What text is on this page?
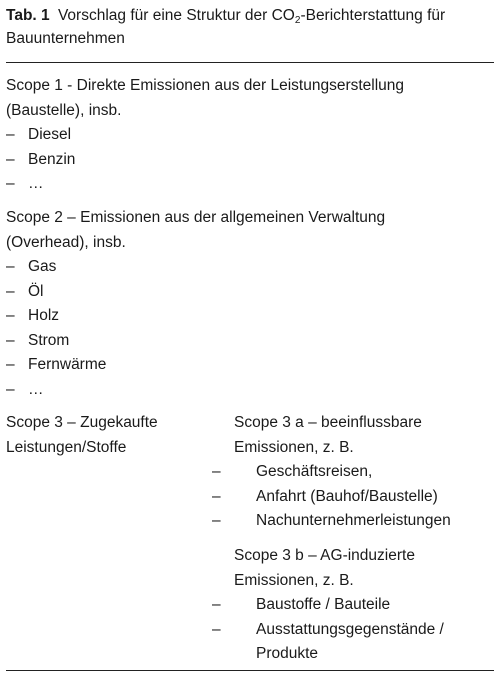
Tab. 1 Vorschlag für eine Struktur der $CO_2$-Berichterstattung für Bauunternehmen
Scope 1 - Direkte Emissionen aus der Leistungserstellung
(Baustelle), insb.
– Diesel
– Benzin
– …
Scope 2 – Emissionen aus der allgemeinen Verwaltung
(Overhead), insb.
– Gas
– Öl
– Holz
– Strom
– Fernwärme
– …
Scope 3 – Zugekaufte
Leistungen/Stoffe
Scope 3 a – beeinflussbare
Emissionen, z. B.
– Geschäftsreisen,
– Anfahrt (Bauhof/Baustelle)
– Nachunternehmerleistungen
Scope 3 b – AG-induzierte
Emissionen, z. B.
– Baustoffe / Bauteile
– Ausstattungsgegenstände / Produkte
